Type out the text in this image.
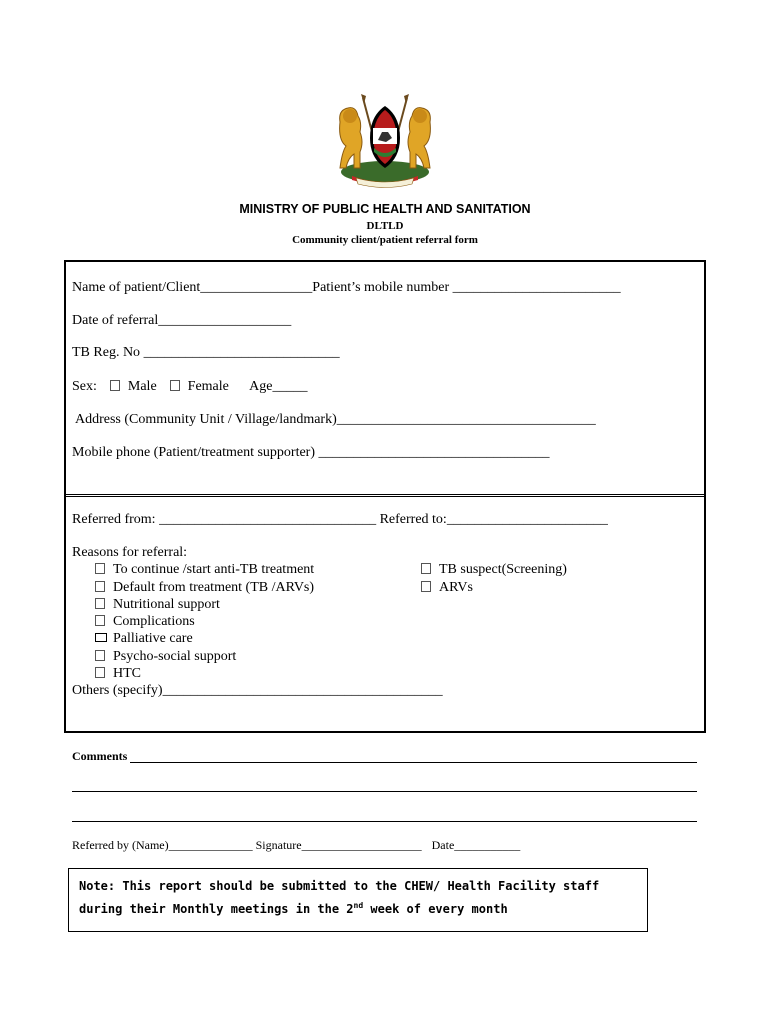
MINISTRY OF PUBLIC HEALTH AND SANITATION
DLTLD
Community client/patient referral form
Name of patient/Client________________Patient’s mobile number ________________________
Date of referral___________________
TB Reg. No ____________________________
Sex: Male Female Age_____
Address (Community Unit / Village/landmark)_____________________________________
Mobile phone (Patient/treatment supporter) _________________________________
Referred from: _______________________________ Referred to:_______________________
Reasons for referral:
To continue /start anti-TB treatment
Default from treatment (TB /ARVs)
Nutritional support
Complications
Palliative care
Psycho-social support
HTC
TB suspect(Screening)
ARVs
Others (specify)________________________________________
Comments
Referred by (Name)______________ Signature____________________ Date___________
Note: This report should be submitted to the CHEW/ Health Facility staff during their Monthly meetings in the 2nd week of every month
